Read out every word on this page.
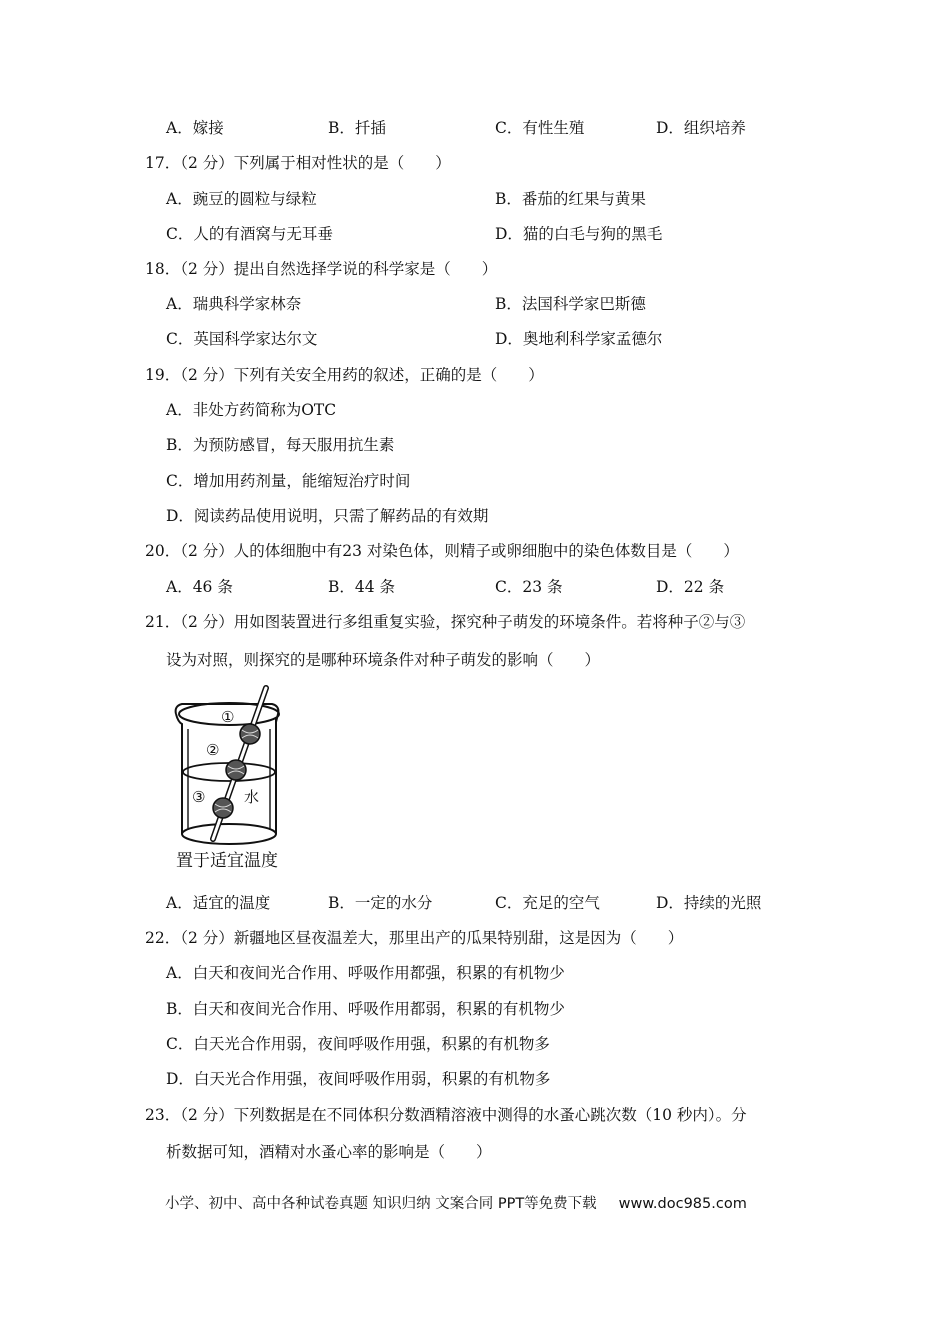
A．嫁接	B．扦插	C．有性生殖	D．组织培养
17．（2 分）下列属于相对性状的是（　　）
A．豌豆的圆粒与绿粒	B．番茄的红果与黄果
C．人的有酒窝与无耳垂	D．猫的白毛与狗的黑毛
18．（2 分）提出自然选择学说的科学家是（　　）
A．瑞典科学家林奈	B．法国科学家巴斯德
C．英国科学家达尔文	D．奥地利科学家孟德尔
19．（2 分）下列有关安全用药的叙述，正确的是（　　）
A．非处方药简称为OTC
B．为预防感冒，每天服用抗生素
C．增加用药剂量，能缩短治疗时间
D．阅读药品使用说明，只需了解药品的有效期
20．（2 分）人的体细胞中有23 对染色体，则精子或卵细胞中的染色体数目是（　　）
A．46 条	B．44 条	C．23 条	D．22 条
21．（2 分）用如图装置进行多组重复实验，探究种子萌发的环境条件。若将种子②与③
设为对照，则探究的是哪种环境条件对种子萌发的影响（　　）
①
②
③	水
置于适宜温度
A．适宜的温度	B．一定的水分	C．充足的空气	D．持续的光照
22．（2 分）新疆地区昼夜温差大，那里出产的瓜果特别甜，这是因为（　　）
A．白天和夜间光合作用、呼吸作用都强，积累的有机物少
B．白天和夜间光合作用、呼吸作用都弱，积累的有机物少
C．白天光合作用弱，夜间呼吸作用强，积累的有机物多
D．白天光合作用强，夜间呼吸作用弱，积累的有机物多
23．（2 分）下列数据是在不同体积分数酒精溶液中测得的水蚤心跳次数（10 秒内）。分
析数据可知，酒精对水蚤心率的影响是（　　）
小学、初中、高中各种试卷真题 知识归纳 文案合同 PPT等免费下载 www.doc985.com
